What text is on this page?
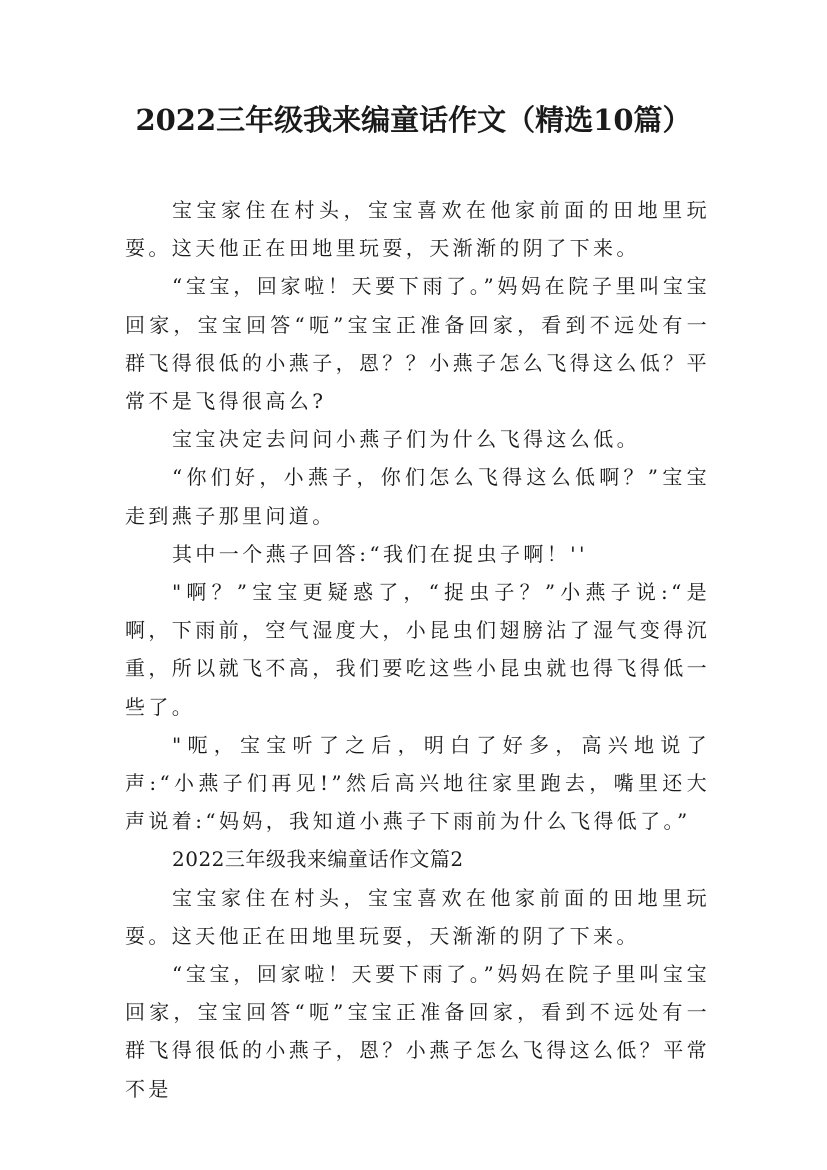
2022三年级我来编童话作文（精选10篇）

宝宝家住在村头，宝宝喜欢在他家前面的田地里玩耍。这天他正在田地里玩耍，天渐渐的阴了下来。

“宝宝，回家啦！天要下雨了。”妈妈在院子里叫宝宝回家，宝宝回答“呃”宝宝正准备回家，看到不远处有一群飞得很低的小燕子，恩？？小燕子怎么飞得这么低？平常不是飞得很高么?

宝宝决定去问问小燕子们为什么飞得这么低。

“你们好，小燕子，你们怎么飞得这么低啊？”宝宝走到燕子那里问道。

其中一个燕子回答:“我们在捉虫子啊！''

"啊？”宝宝更疑惑了，“捉虫子？”小燕子说:“是啊，下雨前，空气湿度大，小昆虫们翅膀沾了湿气变得沉重，所以就飞不高，我们要吃这些小昆虫就也得飞得低一些了。

"呃，宝宝听了之后，明白了好多，高兴地说了声:“小燕子们再见!”然后高兴地往家里跑去，嘴里还大声说着:“妈妈，我知道小燕子下雨前为什么飞得低了。”

2022三年级我来编童话作文篇2

宝宝家住在村头，宝宝喜欢在他家前面的田地里玩耍。这天他正在田地里玩耍，天渐渐的阴了下来。

“宝宝，回家啦！天要下雨了。”妈妈在院子里叫宝宝回家，宝宝回答“呃”宝宝正准备回家，看到不远处有一群飞得很低的小燕子，恩？小燕子怎么飞得这么低？平常不是
